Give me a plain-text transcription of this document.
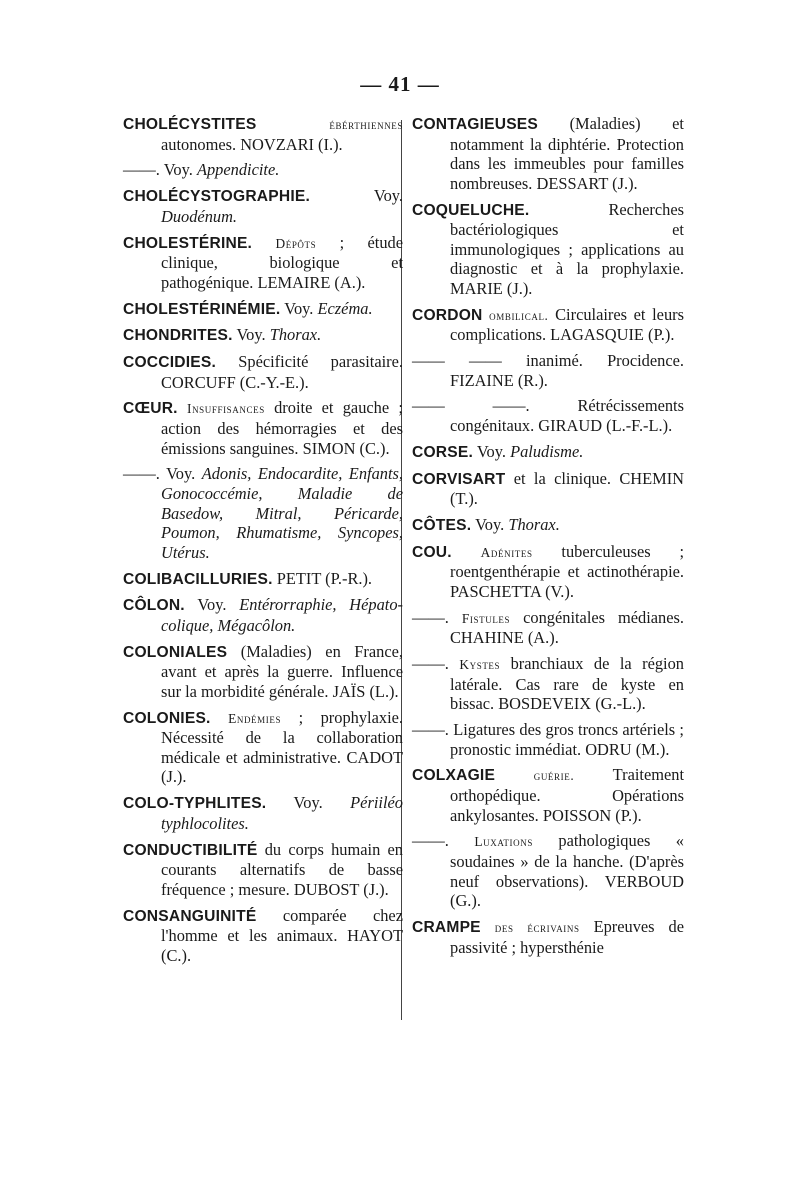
— 41 —
CHOLÉCYSTITES	ébérthiennes autonomes. NOVZARI (I.).
——. Voy. Appendicite.
CHOLÉCYSTOGRAPHIE.	Voy. Duodénum.
CHOLESTÉRINE. Dépôts ; étude clinique, biologique et pathogénique. LEMAIRE (A.).
CHOLESTÉRINÉMIE. Voy. Eczéma.
CHONDRITES. Voy. Thorax.
COCCIDIES. Spécificité parasitaire. CORCUFF (C.-Y.-E.).
CŒUR. Insuffisances droite et gauche ; action des hémorragies et des émissions sanguines. SIMON (C.).
——. Voy. Adonis, Endocardite, Enfants, Gonococcémie, Maladie de Basedow, Mitral, Péricarde, Poumon, Rhumatisme, Syncopes, Utérus.
COLIBACILLURIES. PETIT (P.-R.).
CÔLON. Voy. Entérorraphie, Hépato-colique, Mégacôlon.
COLONIALES (Maladies) en France, avant et après la guerre. Influence sur la morbidité générale. JAÏS (L.).
COLONIES. Endémies ; prophylaxie. Nécessité de la collaboration médicale et administrative. CADOT (J.).
COLO-TYPHLITES. Voy. Périiléo typhlocolites.
CONDUCTIBILITÉ du corps humain en courants alternatifs de basse fréquence ; mesure. DUBOST (J.).
CONSANGUINITÉ comparée chez l'homme et les animaux. HAYOT (C.).
CONTAGIEUSES (Maladies) et notamment la diphtérie. Protection dans les immeubles pour familles nombreuses. DESSART (J.).
COQUELUCHE.	Recherches bactériologiques et immunologiques ; applications au diagnostic et à la prophylaxie. MARIE (J.).
CORDON ombilical. Circulaires et leurs complications. LAGASQUIE (P.).
—— —— inanimé. Procidence. FIZAINE (R.).
—— ——.	Rétrécissements congénitaux. GIRAUD (L.-F.-L.).
CORSE. Voy. Paludisme.
CORVISART et la clinique. CHEMIN (T.).
CÔTES. Voy. Thorax.
COU. Adénites tuberculeuses ; roentgenthérapie et actinothérapie. PASCHETTA (V.).
——. Fistules congénitales médianes. CHAHINE (A.).
——. Kystes branchiaux de la région latérale. Cas rare de kyste en bissac. BOSDEVEIX (G.-L.).
——. Ligatures des gros troncs artériels ; pronostic immédiat. ODRU (M.).
COLXAGIE	guérie. Traitement orthopédique. Opérations ankylosantes. POISSON (P.).
——. Luxations pathologiques « soudaines » de la hanche. (D'après neuf observations). VERBOUD (G.).
CRAMPE des écrivains Epreuves de passivité ; hypersthénie
